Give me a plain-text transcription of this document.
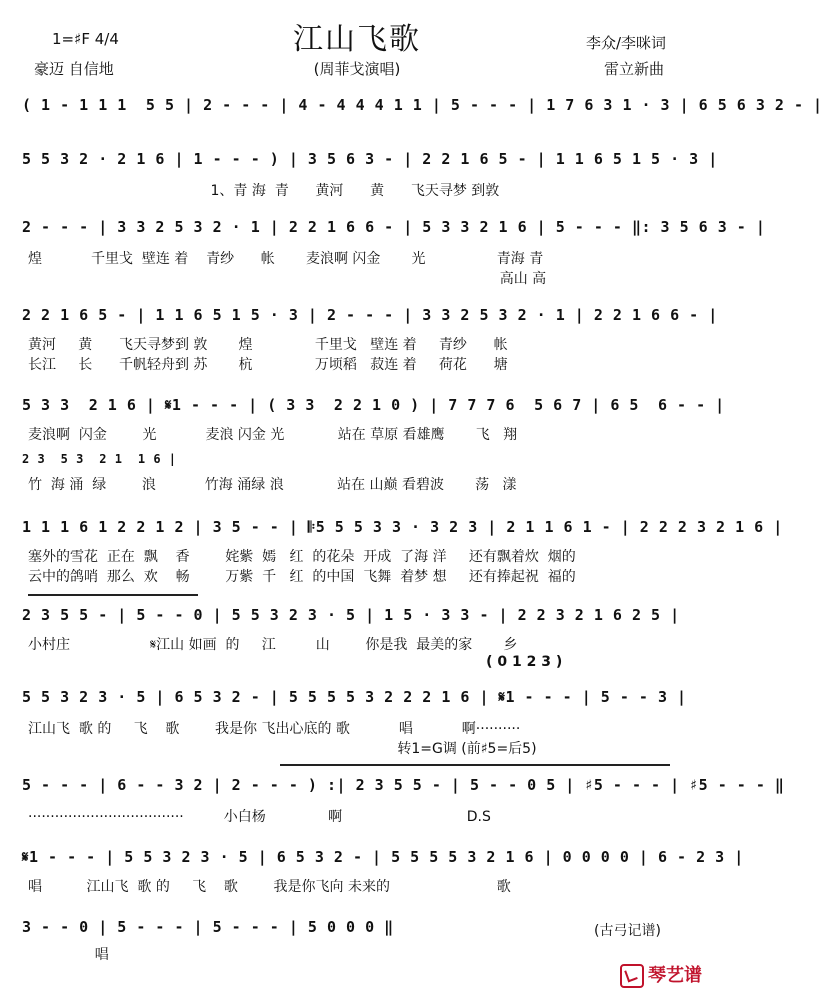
江山飞歌
(周菲戈演唱)
1=♯F 4/4
豪迈 自信地
李众/李咪词
雷立新曲
( 1 - 1 1 1  5 5 | 2 - - - | 4 - 4 4 4 1 1 | 5 - - - | 1 7 6 3 1 · 3 | 6 5 6 3 2 - |
5 5 3 2 · 2 1 6 | 1 - - - ) | 3 5 6 3 - | 2 2 1 6 5 - | 1 1 6 5 1 5 · 3 |
1、青 海  青      黄河      黄      飞天寻梦 到敦
2 - - - | 3 3 2 5 3 2 · 1 | 2 2 1 6 6 - | 5 3 3 2 1 6 | 5 - - - ‖: 3 5 6 3 - |
煌           千里戈  壁连 着    青纱      帐       麦浪啊 闪金       光                青海 青
高山 高
2 2 1 6 5 - | 1 1 6 5 1 5 · 3 | 2 - - - | 3 3 2 5 3 2 · 1 | 2 2 1 6 6 - |
黄河     黄      飞天寻梦到 敦       煌              千里戈   壁连 着     青纱      帐
长江     长      千帆轻舟到 苏       杭              万顷稻   菽连 着     荷花      塘
5 3 3  2 1 6 | 𝄋1 - - - | ( 3 3  2 2 1 0 ) | 7 7 7 6  5 6 7 | 6 5  6 - - |
麦浪啊  闪金        光           麦浪 闪金 光            站在 草原 看雄鹰       飞   翔
2 3  5 3  2 1  1 6 |
竹  海 涌  绿        浪           竹海 涌绿 浪            站在 山巅 看碧波       荡   漾
1 1 1 6 1 2 2 1 2 | 3 5 - - | 𝄆5 5 5 3 3 · 3 2 3 | 2 1 1 6 1 - | 2 2 2 3 2 1 6 |
塞外的雪花  正在  飘    香        姹紫  嫣   红  的花朵  开成  了海 洋     还有飘着炊  烟的
云中的鸽哨  那么  欢    畅        万紫  千   红  的中国  飞舞  着梦 想     还有捧起祝  福的
2 3 5 5 - | 5 - - 0 | 5 5 3 2 3 · 5 | 1 5 · 3 3 - | 2 2 3 2 1 6 2 5 |
小村庄                  𝄋江山 如画  的     江         山        你是我  最美的家       乡
( 0 1 2 3 )
5 5 3 2 3 · 5 | 6 5 3 2 - | 5 5 5 5 3 2 2 2 1 6 | 𝄋1 - - - | 5 - - 3 |
江山飞  歌 的     飞    歌        我是你 飞出心底的 歌           唱           啊··········
转1=G调 (前♯5=后5)
5 - - - | 6 - - 3 2 | 2 - - - ) :| 2 3 5 5 - | 5 - - 0 5 | ♯5 - - - | ♯5 - - - ‖
···································         小白杨              啊                            D.S
𝄋1 - - - | 5 5 3 2 3 · 5 | 6 5 3 2 - | 5 5 5 5 3 2 1 6 | 0 0 0 0 | 6 - 2 3 |
唱          江山飞  歌 的     飞    歌        我是你飞向 未来的                        歌
3 - - 0 | 5 - - - | 5 - - - | 5 0 0 0 ‖
唱
(古弓记谱)
琴艺谱
